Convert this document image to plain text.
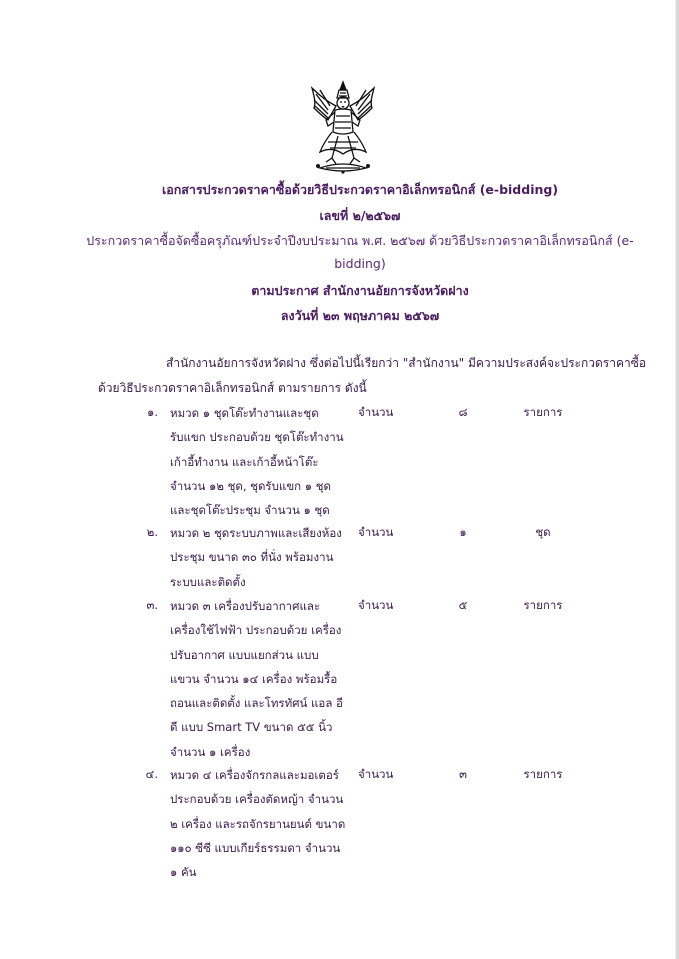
เอกสารประกวดราคาซื้อด้วยวิธีประกวดราคาอิเล็กทรอนิกส์ (e-bidding)
เลขที่ ๒/๒๕๖๗
ประกวดราคาซื้อจัดซื้อครุภัณฑ์ประจำปีงบประมาณ พ.ศ. ๒๕๖๗ ด้วยวิธีประกวดราคาอิเล็กทรอนิกส์ (e-
bidding)
ตามประกาศ สำนักงานอัยการจังหวัดฝาง
ลงวันที่ ๒๓ พฤษภาคม ๒๕๖๗
สำนักงานอัยการจังหวัดฝาง ซึ่งต่อไปนี้เรียกว่า "สำนักงาน" มีความประสงค์จะประกวดราคาซื้อ
ด้วยวิธีประกวดราคาอิเล็กทรอนิกส์ ตามรายการ ดังนี้
๑. หมวด ๑ ชุดโต๊ะทำงานและชุด
รับแขก ประกอบด้วย ชุดโต๊ะทำงาน
เก้าอี้ทำงาน และเก้าอี้หน้าโต๊ะ
จำนวน ๑๒ ชุด, ชุดรับแขก ๑ ชุด
และชุดโต๊ะประชุม จำนวน ๑ ชุด
จำนวน	๘	รายการ
๒. หมวด ๒ ชุดระบบภาพและเสียงห้อง
ประชุม ขนาด ๓๐ ที่นั่ง พร้อมงาน
ระบบและติดตั้ง
จำนวน	๑	ชุด
๓. หมวด ๓ เครื่องปรับอากาศและ
เครื่องใช้ไฟฟ้า ประกอบด้วย เครื่อง
ปรับอากาศ แบบแยกส่วน แบบ
แขวน จำนวน ๑๔ เครื่อง พร้อมรื้อ
ถอนและติดตั้ง และโทรทัศน์ แอล อี
ดี แบบ Smart TV ขนาด ๕๕ นิ้ว
จำนวน ๑ เครื่อง
จำนวน	๕	รายการ
๔. หมวด ๔ เครื่องจักรกลและมอเตอร์
ประกอบด้วย เครื่องตัดหญ้า จำนวน
๒ เครื่อง และรถจักรยานยนต์ ขนาด
๑๑๐ ซีซี แบบเกียร์ธรรมดา จำนวน
๑ คัน
จำนวน	๓	รายการ
